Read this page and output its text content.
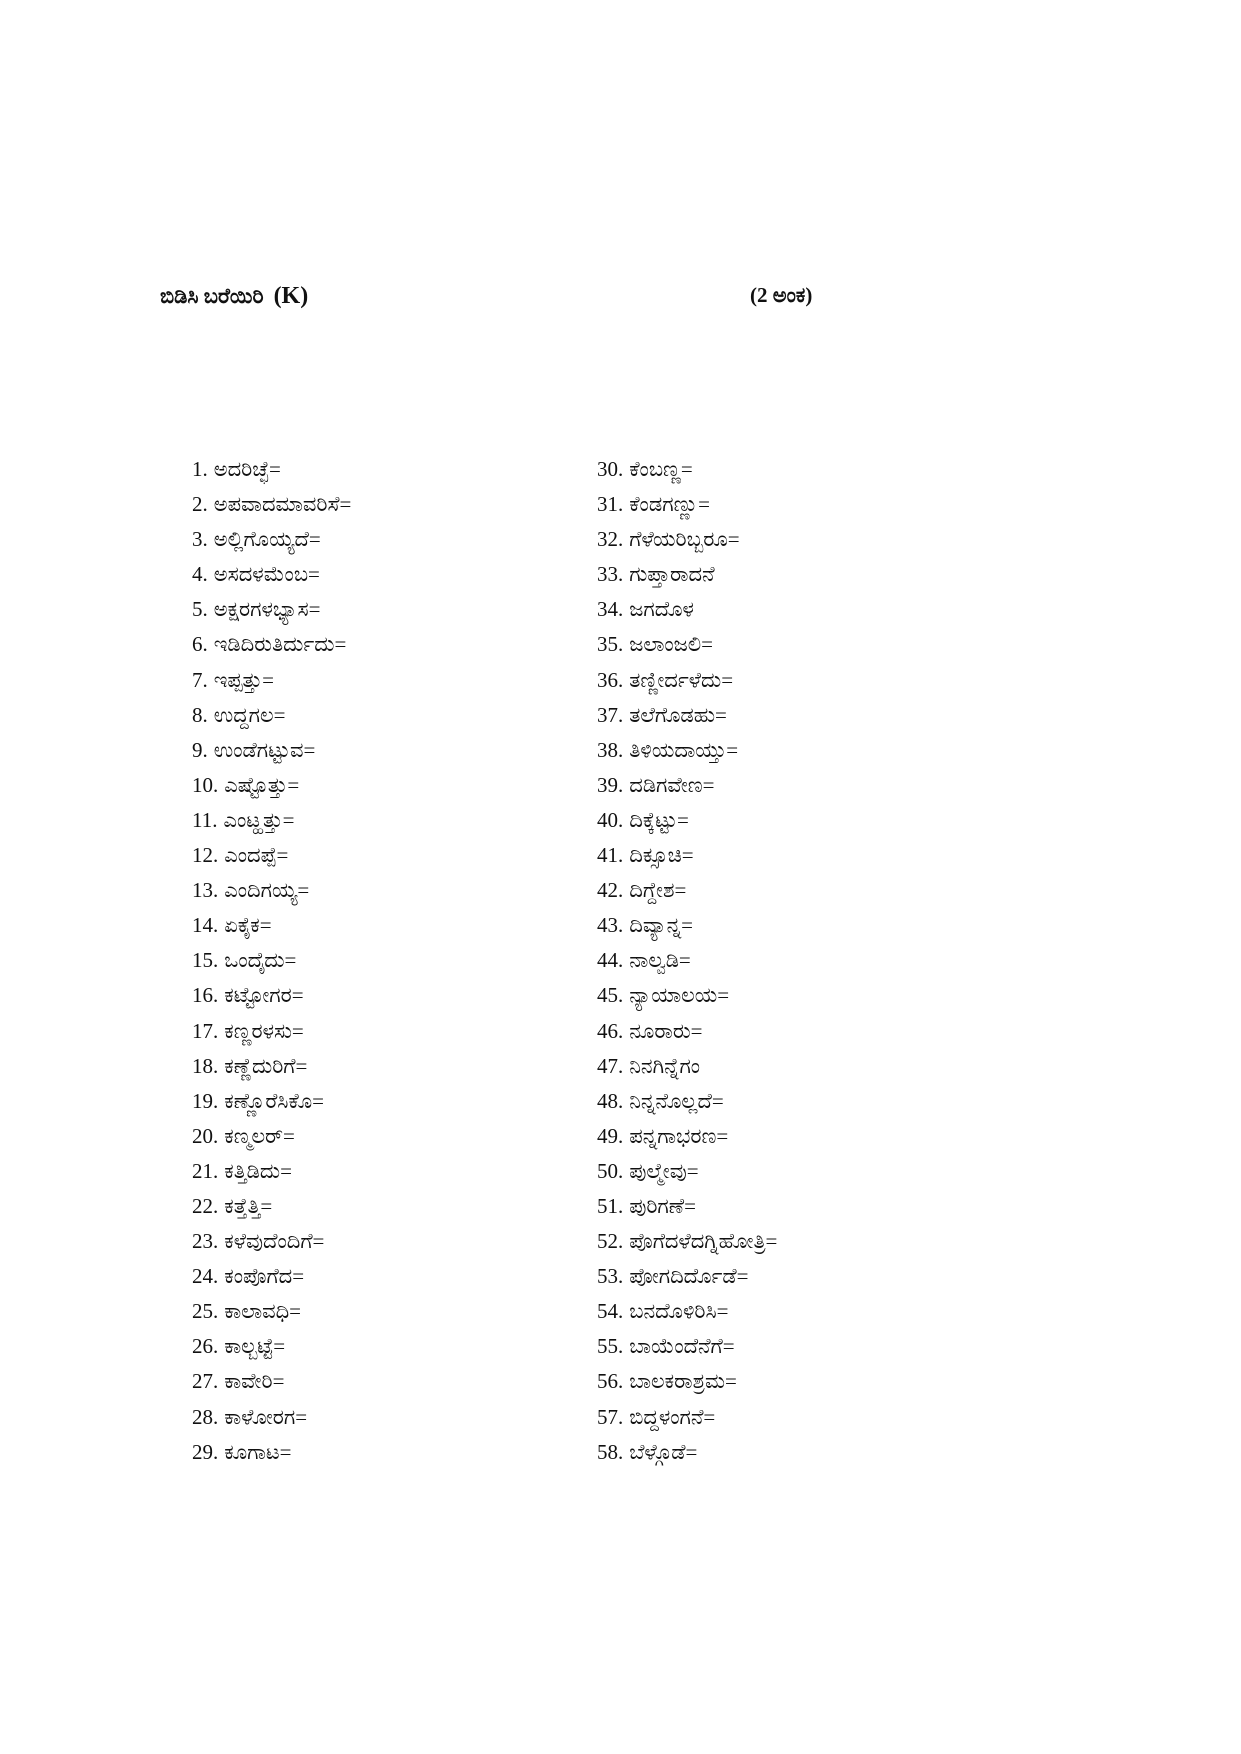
ಬಿಡಿಸಿ ಬರೆಯಿರಿ (K)	(2 ಅಂಕ)
1. ಅದರಿಚ್ಛೆ=
2. ಅಪವಾದಮಾವರಿಸೆ=
3. ಅಲ್ಲಿಗೊಯ್ಯದೆ=
4. ಅಸದಳಮೆಂಬ=
5. ಅಕ್ಷರಗಳಭ್ಯಾಸ=
6. ಇಡಿದಿರುತಿರ್ದುದು=
7. ಇಪ್ಪತ್ತು=
8. ಉದ್ದಗಲ=
9. ಉಂಡೆಗಟ್ಟುವ=
10. ಎಷ್ಟೊತ್ತು=
11. ಎಂಟ್ಹತ್ತು=
12. ಎಂದಪ್ಪೆ=
13. ಎಂದಿಗಯ್ಯ=
14. ಏಕೈಕ=
15. ಒಂದೈದು=
16. ಕಟ್ಟೋಗರ=
17. ಕಣ್ಣರಳಸು=
18. ಕಣ್ಣೆದುರಿಗೆ=
19. ಕಣ್ಣೊರೆಸಿಕೊ=
20. ಕಣ್ಮಲರ್=
21. ಕತ್ತಿಡಿದು=
22. ಕತ್ತೆತ್ತಿ=
23. ಕಳೆವುದೆಂದಿಗೆ=
24. ಕಂಪೊಗೆದ=
25. ಕಾಲಾವಧಿ=
26. ಕಾಲ್ಬಟ್ಟೆ=
27. ಕಾವೇರಿ=
28. ಕಾಳೋರಗ=
29. ಕೂಗಾಟ=
30. ಕೆಂಬಣ್ಣ=
31. ಕೆಂಡಗಣ್ಣು=
32. ಗೆಳೆಯರಿಬ್ಬರೂ=
33. ಗುಪ್ತಾರಾದನೆ
34. ಜಗದೊಳ
35. ಜಲಾಂಜಲಿ=
36. ತಣ್ಣೀರ್ದಳೆದು=
37. ತಲೆಗೊಡಹು=
38. ತಿಳಿಯದಾಯ್ತು=
39. ದಡಿಗವೇಣ=
40. ದಿಕ್ಕೆಟ್ಟು=
41. ದಿಕ್ಸೂಚಿ=
42. ದಿಗ್ದೇಶ=
43. ದಿವ್ಯಾನ್ನ=
44. ನಾಲ್ವಡಿ=
45. ನ್ಯಾಯಾಲಯ=
46. ನೂರಾರು=
47. ನಿನಗಿನ್ನೆಗಂ
48. ನಿನ್ನನೊಲ್ಲದೆ=
49. ಪನ್ನಗಾಭರಣ=
50. ಪುಲ್ಮೇವು=
51. ಪುರಿಗಣೆ=
52. ಪೊಗೆದಳೆದಗ್ನಿಹೋತ್ರಿ=
53. ಪೋಗದಿರ್ದೊಡೆ=
54. ಬನದೊಳಿರಿಸಿ=
55. ಬಾಯೆಂದೆನೆಗೆ=
56. ಬಾಲಕರಾಶ್ರಮ=
57. ಬಿದ್ದಳಂಗನೆ=
58. ಬೆಳ್ಗೊಡೆ=
